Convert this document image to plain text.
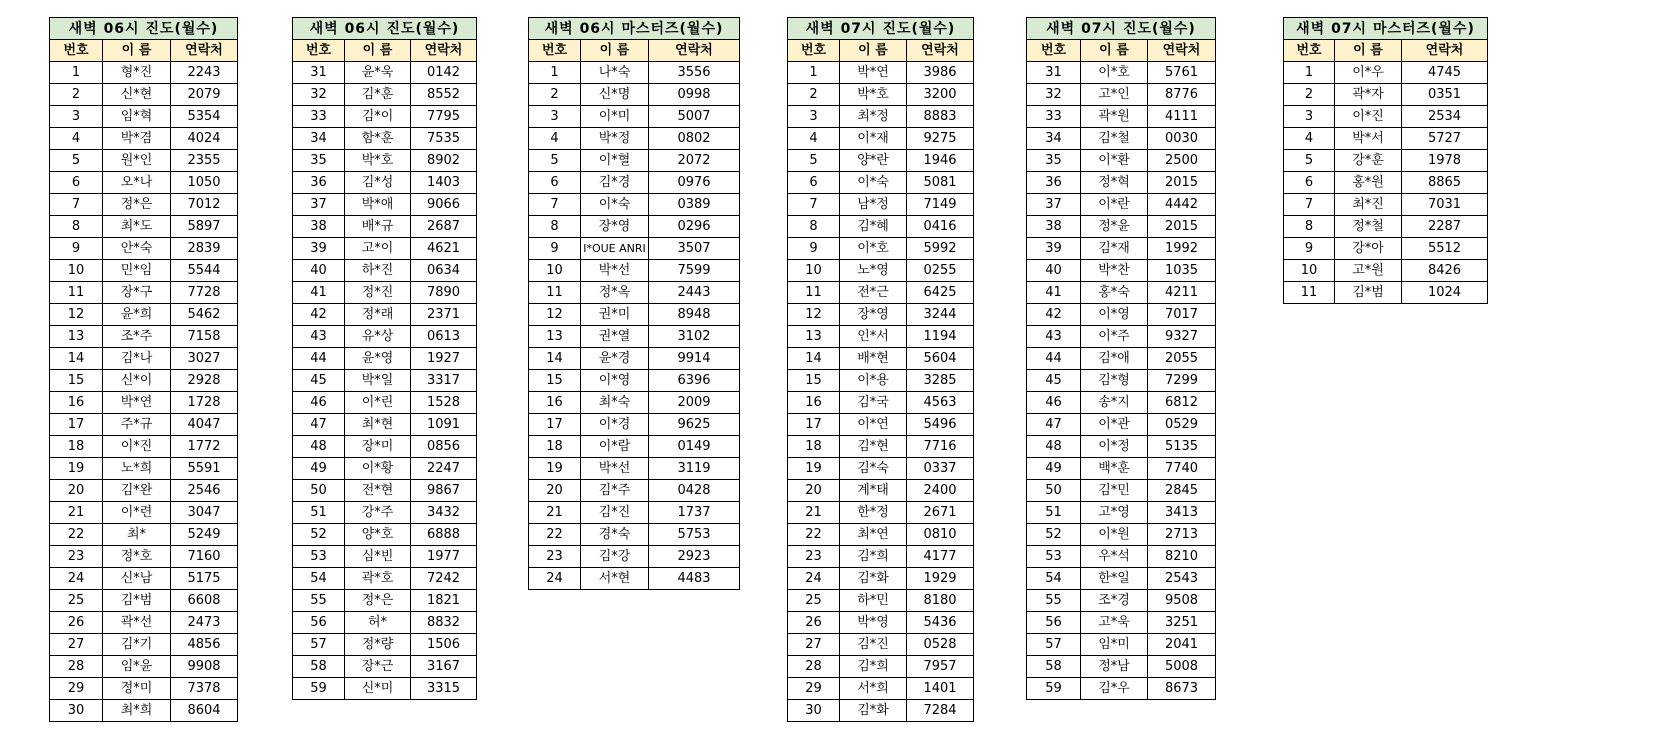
새벽 06시 진도(월수)		
번호	이 름	연락처
1	형*진	2243
2	신*현	2079
3	임*혁	5354
4	박*겸	4024
5	원*인	2355
6	오*나	1050
7	정*은	7012
8	최*도	5897
9	안*숙	2839
10	민*임	5544
11	장*구	7728
12	윤*희	5462
13	조*주	7158
14	김*나	3027
15	신*이	2928
16	박*연	1728
17	주*규	4047
18	이*진	1772
19	노*희	5591
20	김*완	2546
21	이*련	3047
22	최*	5249
23	정*호	7160
24	신*남	5175
25	김*범	6608
26	곽*선	2473
27	김*기	4856
28	임*윤	9908
29	정*미	7378
30	최*희	8604
새벽 06시 진도(월수)		
번호	이 름	연락처
31	윤*욱	0142
32	김*훈	8552
33	김*이	7795
34	함*훈	7535
35	박*호	8902
36	김*성	1403
37	박*애	9066
38	배*규	2687
39	고*이	4621
40	하*진	0634
41	정*진	7890
42	정*래	2371
43	유*상	0613
44	윤*영	1927
45	박*일	3317
46	이*린	1528
47	최*현	1091
48	장*미	0856
49	이*황	2247
50	전*현	9867
51	강*주	3432
52	양*호	6888
53	심*빈	1977
54	곽*호	7242
55	정*은	1821
56	허*	8832
57	정*량	1506
58	장*근	3167
59	신*미	3315
새벽 06시 마스터즈(월수)		
번호	이 름	연락처
1	나*숙	3556
2	신*명	0998
3	이*미	5007
4	박*정	0802
5	이*혈	2072
6	김*경	0976
7	이*숙	0389
8	장*영	0296
9	I*OUE ANRI	3507
10	박*선	7599
11	정*옥	2443
12	권*미	8948
13	권*열	3102
14	윤*경	9914
15	이*영	6396
16	최*숙	2009
17	이*경	9625
18	이*람	0149
19	박*선	3119
20	김*주	0428
21	김*진	1737
22	경*숙	5753
23	김*강	2923
24	서*현	4483
새벽 07시 진도(월수)		
번호	이 름	연락처
1	박*연	3986
2	박*호	3200
3	최*정	8883
4	이*재	9275
5	양*란	1946
6	이*숙	5081
7	남*정	7149
8	김*혜	0416
9	이*호	5992
10	노*영	0255
11	전*근	6425
12	장*영	3244
13	인*서	1194
14	배*현	5604
15	이*용	3285
16	김*국	4563
17	이*연	5496
18	김*현	7716
19	김*숙	0337
20	계*태	2400
21	한*정	2671
22	최*연	0810
23	김*희	4177
24	김*화	1929
25	하*민	8180
26	박*영	5436
27	김*진	0528
28	김*희	7957
29	서*희	1401
30	김*화	7284
새벽 07시 진도(월수)		
번호	이 름	연락처
31	이*호	5761
32	고*인	8776
33	곽*원	4111
34	김*철	0030
35	이*환	2500
36	정*혁	2015
37	이*란	4442
38	정*윤	2015
39	김*재	1992
40	박*찬	1035
41	홍*숙	4211
42	이*영	7017
43	이*주	9327
44	김*애	2055
45	김*형	7299
46	송*지	6812
47	이*관	0529
48	이*정	5135
49	백*훈	7740
50	김*민	2845
51	고*영	3413
52	이*원	2713
53	우*석	8210
54	한*일	2543
55	조*경	9508
56	고*욱	3251
57	임*미	2041
58	정*남	5008
59	김*우	8673
새벽 07시 마스터즈(월수)		
번호	이 름	연락처
1	이*우	4745
2	곽*자	0351
3	이*진	2534
4	박*서	5727
5	강*훈	1978
6	홍*원	8865
7	최*진	7031
8	정*철	2287
9	강*아	5512
10	고*원	8426
11	김*범	1024
